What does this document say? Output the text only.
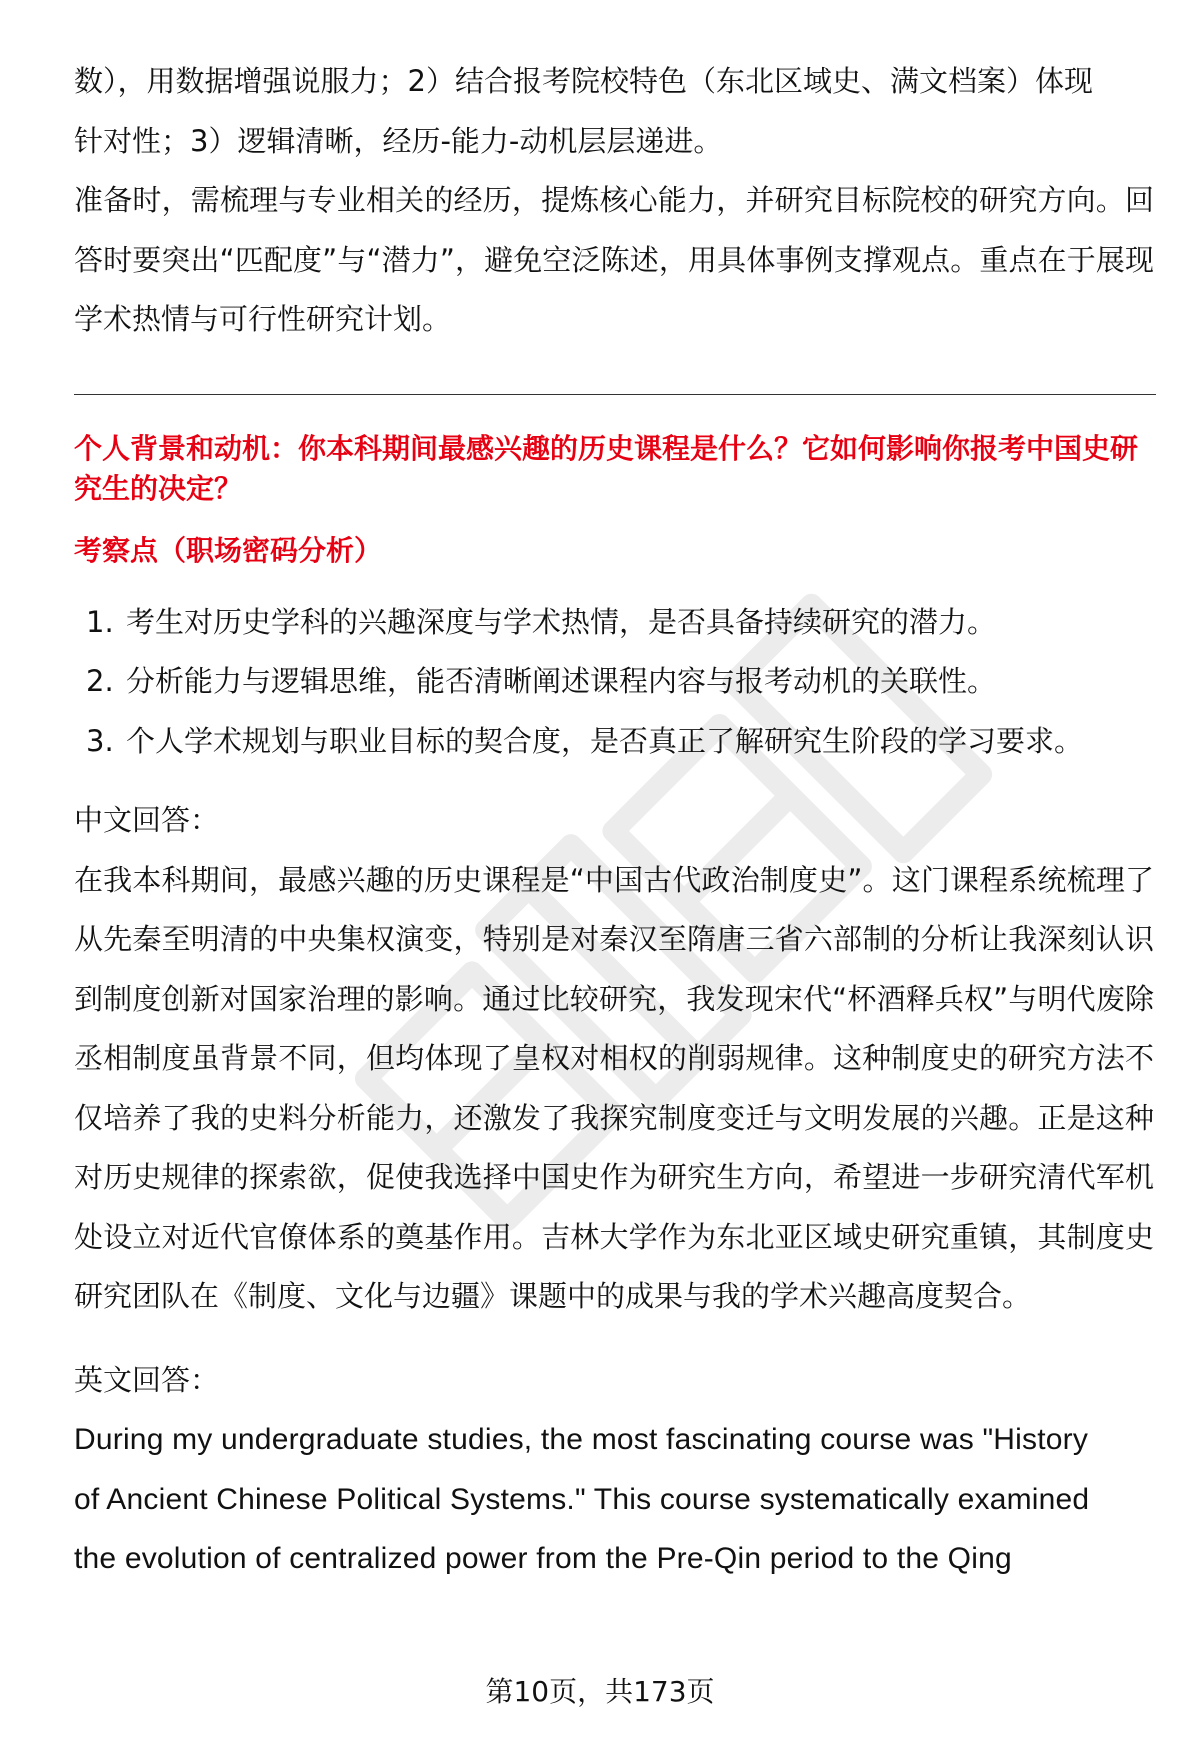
数），用数据增强说服力；2）结合报考院校特色（东北区域史、满文档案）体现

针对性；3）逻辑清晰，经历-能力-动机层层递进。

准备时，需梳理与专业相关的经历，提炼核心能力，并研究目标院校的研究方向。回答时要突出“匹配度”与“潜力”，避免空泛陈述，用具体事例支撑观点。重点在于展现学术热情与可行性研究计划。

个人背景和动机：你本科期间最感兴趣的历史课程是什么？它如何影响你报考中国史研究生的决定？
考察点（职场密码分析）
1. 考生对历史学科的兴趣深度与学术热情，是否具备持续研究的潜力。
2. 分析能力与逻辑思维，能否清晰阐述课程内容与报考动机的关联性。
3. 个人学术规划与职业目标的契合度，是否真正了解研究生阶段的学习要求。
中文回答：

在我本科期间，最感兴趣的历史课程是“中国古代政治制度史”。这门课程系统梳理了从先秦至明清的中央集权演变，特别是对秦汉至隋唐三省六部制的分析让我深刻认识到制度创新对国家治理的影响。通过比较研究，我发现宋代“杯酒释兵权”与明代废除丞相制度虽背景不同，但均体现了皇权对相权的削弱规律。这种制度史的研究方法不仅培养了我的史料分析能力，还激发了我探究制度变迁与文明发展的兴趣。正是这种对历史规律的探索欲，促使我选择中国史作为研究生方向，希望进一步研究清代军机处设立对近代官僚体系的奠基作用。吉林大学作为东北亚区域史研究重镇，其制度史研究团队在《制度、文化与边疆》课题中的成果与我的学术兴趣高度契合。

英文回答：

During my undergraduate studies, the most fascinating course was "History

of Ancient Chinese Political Systems." This course systematically examined

the evolution of centralized power from the Pre-Qin period to the Qing

第10页，共173页
